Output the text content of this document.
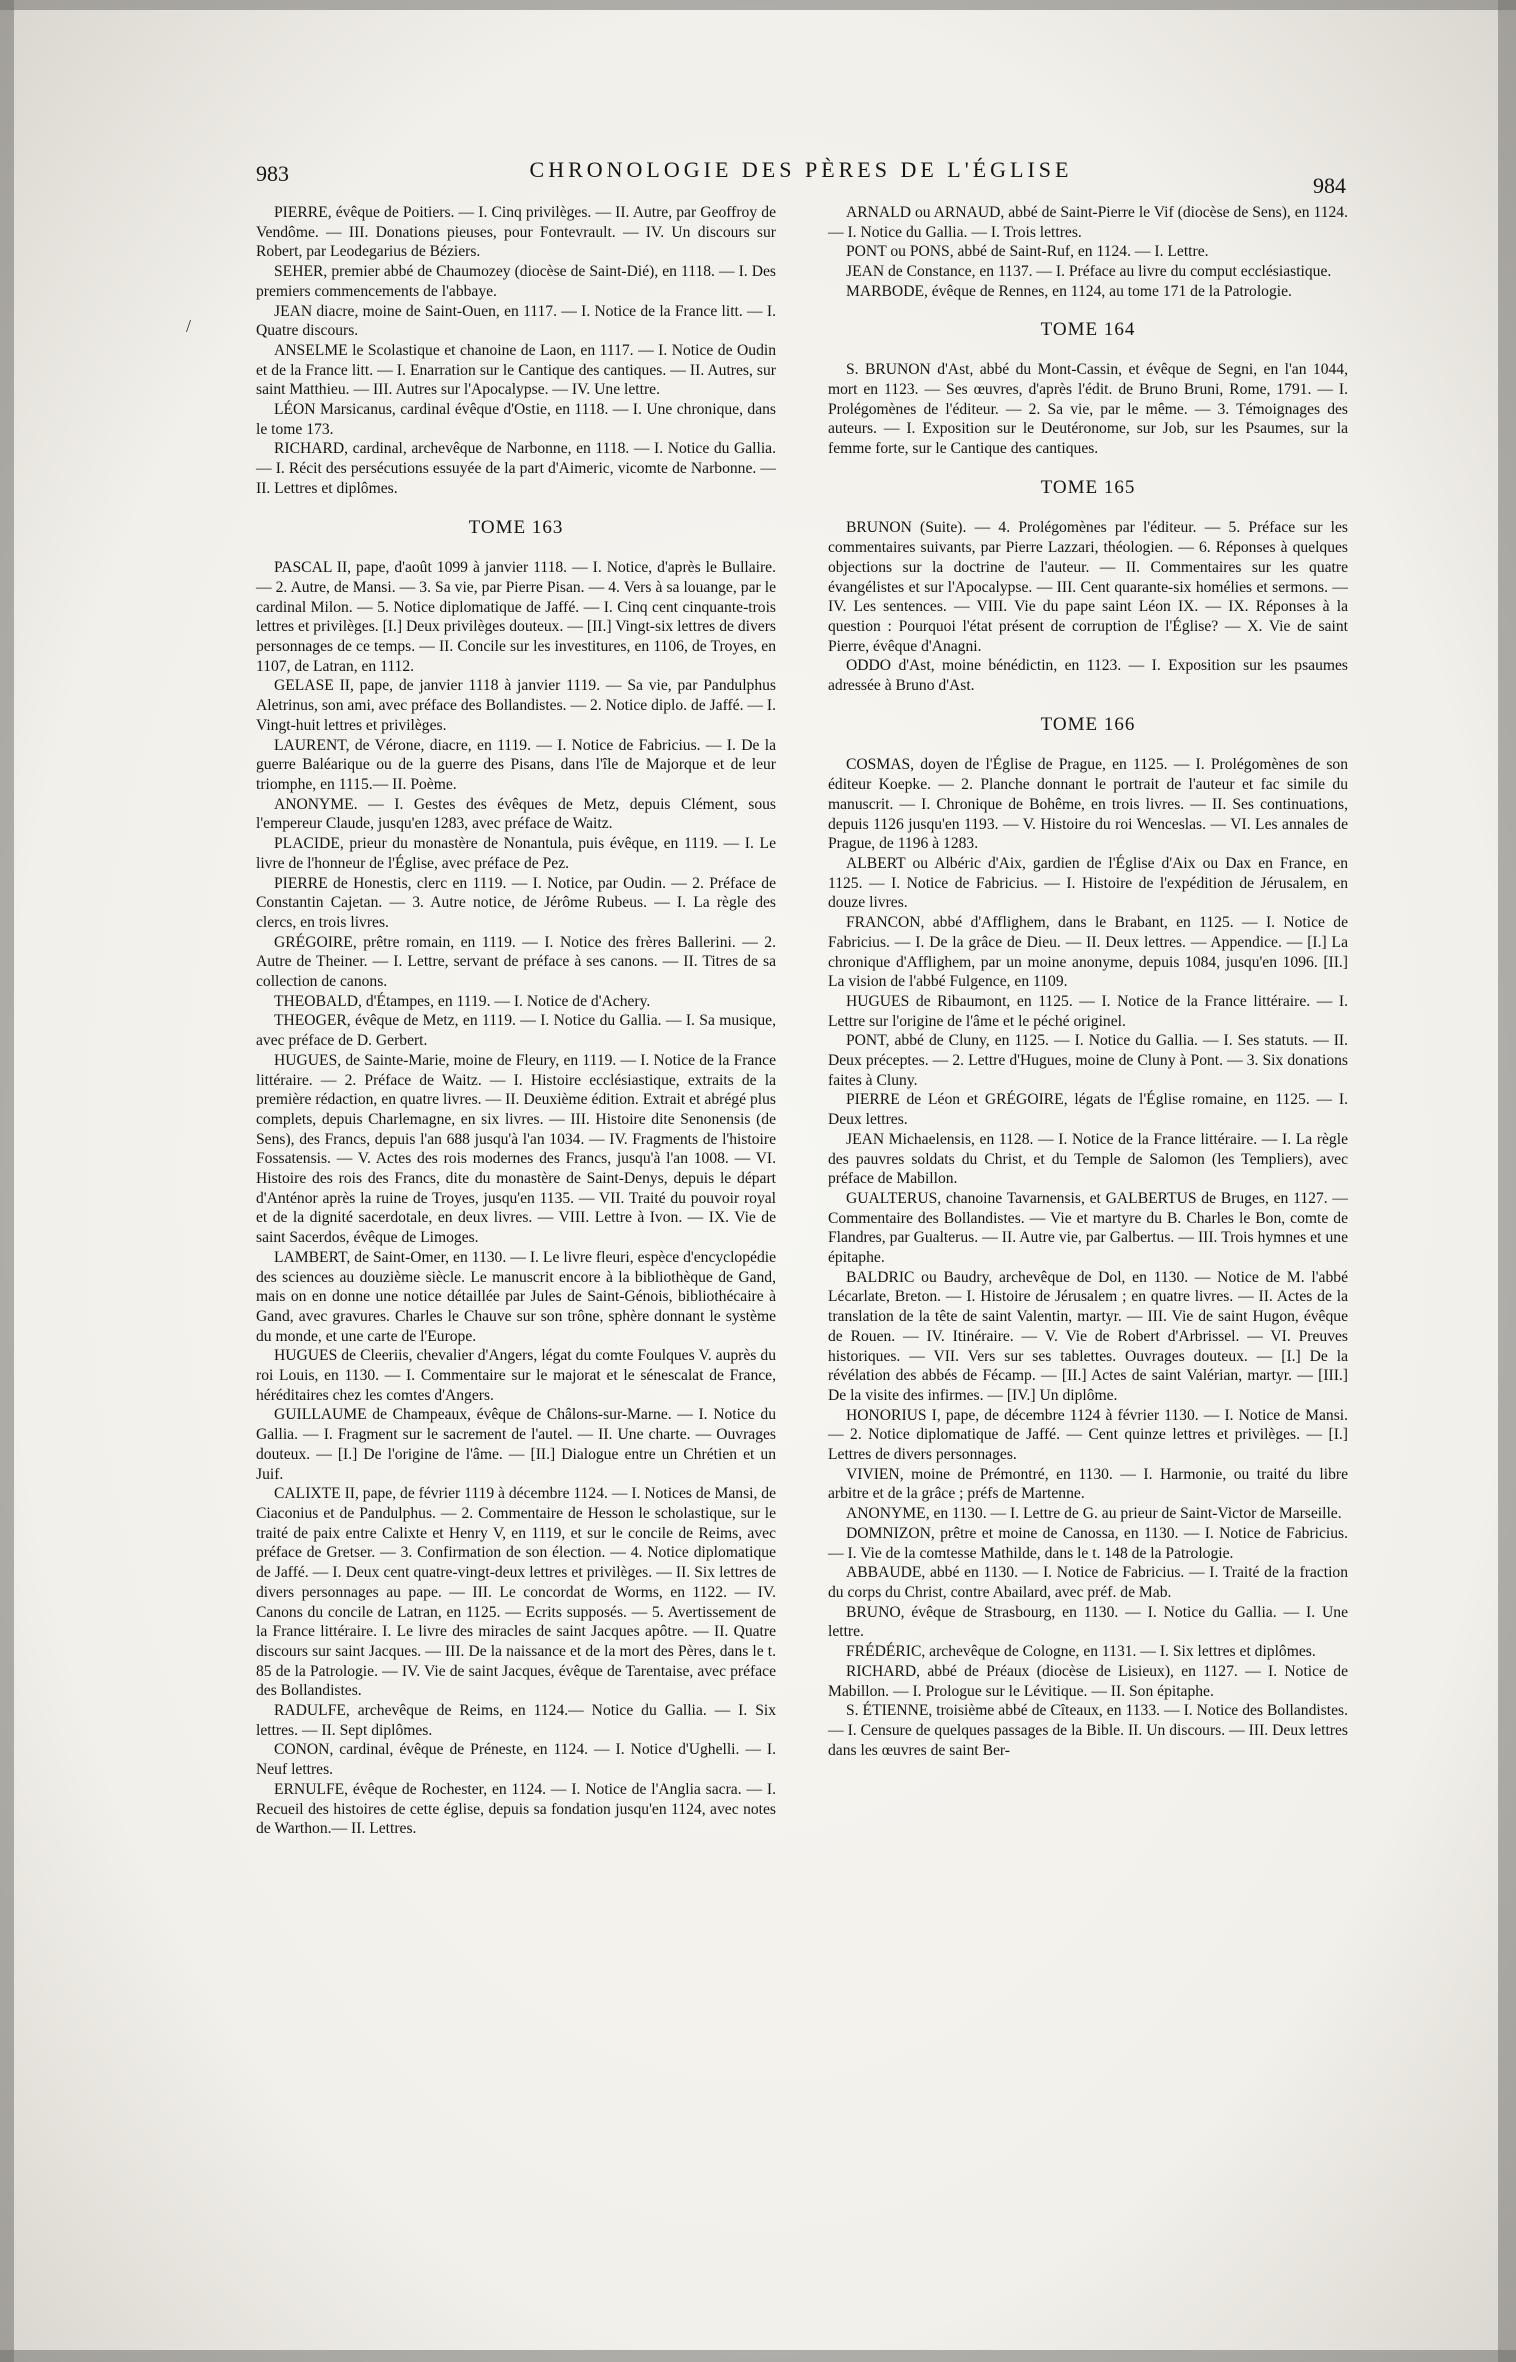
983	CHRONOLOGIE DES PÈRES DE L'ÉGLISE
984
/

PIERRE, évêque de Poitiers. — I. Cinq privilèges. — II. Autre, par Geoffroy de Vendôme. — III. Donations pieuses, pour Fontevrault. — IV. Un discours sur Robert, par Leodegarius de Béziers.

SEHER, premier abbé de Chaumozey (diocèse de Saint-Dié), en 1118. — I. Des premiers commencements de l'abbaye.

JEAN diacre, moine de Saint-Ouen, en 1117. — I. Notice de la France litt. — I. Quatre discours.

ANSELME le Scolastique et chanoine de Laon, en 1117. — I. Notice de Oudin et de la France litt. — I. Enarration sur le Cantique des cantiques. — II. Autres, sur saint Matthieu. — III. Autres sur l'Apocalypse. — IV. Une lettre.

LÉON Marsicanus, cardinal évêque d'Ostie, en 1118. — I. Une chronique, dans le tome 173.

RICHARD, cardinal, archevêque de Narbonne, en 1118. — I. Notice du Gallia. — I. Récit des persécutions essuyée de la part d'Aimeric, vicomte de Narbonne. — II. Lettres et diplômes.

TOME 163

PASCAL II, pape, d'août 1099 à janvier 1118. — I. Notice, d'après le Bullaire. — 2. Autre, de Mansi. — 3. Sa vie, par Pierre Pisan. — 4. Vers à sa louange, par le cardinal Milon. — 5. Notice diplomatique de Jaffé. — I. Cinq cent cinquante-trois lettres et privilèges. [I.] Deux privilèges douteux. — [II.] Vingt-six lettres de divers personnages de ce temps. — II. Concile sur les investitures, en 1106, de Troyes, en 1107, de Latran, en 1112.

GELASE II, pape, de janvier 1118 à janvier 1119. — Sa vie, par Pandulphus Aletrinus, son ami, avec préface des Bollandistes. — 2. Notice diplo. de Jaffé. — I. Vingt-huit lettres et privilèges.

LAURENT, de Vérone, diacre, en 1119. — I. Notice de Fabricius. — I. De la guerre Baléarique ou de la guerre des Pisans, dans l'île de Majorque et de leur triomphe, en 1115.— II. Poème.

ANONYME. — I. Gestes des évêques de Metz, depuis Clément, sous l'empereur Claude, jusqu'en 1283, avec préface de Waitz.

PLACIDE, prieur du monastère de Nonantula, puis évêque, en 1119. — I. Le livre de l'honneur de l'Église, avec préface de Pez.

PIERRE de Honestis, clerc en 1119. — I. Notice, par Oudin. — 2. Préface de Constantin Cajetan. — 3. Autre notice, de Jérôme Rubeus. — I. La règle des clercs, en trois livres.

GRÉGOIRE, prêtre romain, en 1119. — I. Notice des frères Ballerini. — 2. Autre de Theiner. — I. Lettre, servant de préface à ses canons. — II. Titres de sa collection de canons.

THEOBALD, d'Étampes, en 1119. — I. Notice de d'Achery.

THEOGER, évêque de Metz, en 1119. — I. Notice du Gallia. — I. Sa musique, avec préface de D. Gerbert.

HUGUES, de Sainte-Marie, moine de Fleury, en 1119. — I. Notice de la France littéraire. — 2. Préface de Waitz. — I. Histoire ecclésiastique, extraits de la première rédaction, en quatre livres. — II. Deuxième édition. Extrait et abrégé plus complets, depuis Charlemagne, en six livres. — III. Histoire dite Senonensis (de Sens), des Francs, depuis l'an 688 jusqu'à l'an 1034. — IV. Fragments de l'histoire Fossatensis. — V. Actes des rois modernes des Francs, jusqu'à l'an 1008. — VI. Histoire des rois des Francs, dite du monastère de Saint-Denys, depuis le départ d'Anténor après la ruine de Troyes, jusqu'en 1135. — VII. Traité du pouvoir royal et de la dignité sacerdotale, en deux livres. — VIII. Lettre à Ivon. — IX. Vie de saint Sacerdos, évêque de Limoges.

LAMBERT, de Saint-Omer, en 1130. — I. Le livre fleuri, espèce d'encyclopédie des sciences au douzième siècle. Le manuscrit encore à la bibliothèque de Gand, mais on en donne une notice détaillée par Jules de Saint-Génois, bibliothécaire à Gand, avec gravures. Charles le Chauve sur son trône, sphère donnant le système du monde, et une carte de l'Europe.

HUGUES de Cleeriis, chevalier d'Angers, légat du comte Foulques V. auprès du roi Louis, en 1130. — I. Commentaire sur le majorat et le sénescalat de France, héréditaires chez les comtes d'Angers.

GUILLAUME de Champeaux, évêque de Châlons-sur-Marne. — I. Notice du Gallia. — I. Fragment sur le sacrement de l'autel. — II. Une charte. — Ouvrages douteux. — [I.] De l'origine de l'âme. — [II.] Dialogue entre un Chrétien et un Juif.

CALIXTE II, pape, de février 1119 à décembre 1124. — I. Notices de Mansi, de Ciaconius et de Pandulphus. — 2. Commentaire de Hesson le scholastique, sur le traité de paix entre Calixte et Henry V, en 1119, et sur le concile de Reims, avec préface de Gretser. — 3. Confirmation de son élection. — 4. Notice diplomatique de Jaffé. — I. Deux cent quatre-vingt-deux lettres et privilèges. — II. Six lettres de divers personnages au pape. — III. Le concordat de Worms, en 1122. — IV. Canons du concile de Latran, en 1125. — Ecrits supposés. — 5. Avertissement de la France littéraire. I. Le livre des miracles de saint Jacques apôtre. — II. Quatre discours sur saint Jacques. — III. De la naissance et de la mort des Pères, dans le t. 85 de la Patrologie. — IV. Vie de saint Jacques, évêque de Tarentaise, avec préface des Bollandistes.

RADULFE, archevêque de Reims, en 1124.— Notice du Gallia. — I. Six lettres. — II. Sept diplômes.

CONON, cardinal, évêque de Préneste, en 1124. — I. Notice d'Ughelli. — I. Neuf lettres.

ERNULFE, évêque de Rochester, en 1124. — I. Notice de l'Anglia sacra. — I. Recueil des histoires de cette église, depuis sa fondation jusqu'en 1124, avec notes de Warthon.— II. Lettres.

ARNALD ou ARNAUD, abbé de Saint-Pierre le Vif (diocèse de Sens), en 1124. — I. Notice du Gallia. — I. Trois lettres.

PONT ou PONS, abbé de Saint-Ruf, en 1124. — I. Lettre.

JEAN de Constance, en 1137. — I. Préface au livre du comput ecclésiastique.

MARBODE, évêque de Rennes, en 1124, au tome 171 de la Patrologie.

TOME 164

S. BRUNON d'Ast, abbé du Mont-Cassin, et évêque de Segni, en l'an 1044, mort en 1123. — Ses œuvres, d'après l'édit. de Bruno Bruni, Rome, 1791. — I. Prolégomènes de l'éditeur. — 2. Sa vie, par le même. — 3. Témoignages des auteurs. — I. Exposition sur le Deutéronome, sur Job, sur les Psaumes, sur la femme forte, sur le Cantique des cantiques.

TOME 165

BRUNON (Suite). — 4. Prolégomènes par l'éditeur. — 5. Préface sur les commentaires suivants, par Pierre Lazzari, théologien. — 6. Réponses à quelques objections sur la doctrine de l'auteur. — II. Commentaires sur les quatre évangélistes et sur l'Apocalypse. — III. Cent quarante-six homélies et sermons. — IV. Les sentences. — VIII. Vie du pape saint Léon IX. — IX. Réponses à la question : Pourquoi l'état présent de corruption de l'Église? — X. Vie de saint Pierre, évêque d'Anagni.

ODDO d'Ast, moine bénédictin, en 1123. — I. Exposition sur les psaumes adressée à Bruno d'Ast.

TOME 166

COSMAS, doyen de l'Église de Prague, en 1125. — I. Prolégomènes de son éditeur Koepke. — 2. Planche donnant le portrait de l'auteur et fac simile du manuscrit. — I. Chronique de Bohême, en trois livres. — II. Ses continuations, depuis 1126 jusqu'en 1193. — V. Histoire du roi Wenceslas. — VI. Les annales de Prague, de 1196 à 1283.

ALBERT ou Albéric d'Aix, gardien de l'Église d'Aix ou Dax en France, en 1125. — I. Notice de Fabricius. — I. Histoire de l'expédition de Jérusalem, en douze livres.

FRANCON, abbé d'Afflighem, dans le Brabant, en 1125. — I. Notice de Fabricius. — I. De la grâce de Dieu. — II. Deux lettres. — Appendice. — [I.] La chronique d'Afflighem, par un moine anonyme, depuis 1084, jusqu'en 1096. [II.] La vision de l'abbé Fulgence, en 1109.

HUGUES de Ribaumont, en 1125. — I. Notice de la France littéraire. — I. Lettre sur l'origine de l'âme et le péché originel.

PONT, abbé de Cluny, en 1125. — I. Notice du Gallia. — I. Ses statuts. — II. Deux préceptes. — 2. Lettre d'Hugues, moine de Cluny à Pont. — 3. Six donations faites à Cluny.

PIERRE de Léon et GRÉGOIRE, légats de l'Église romaine, en 1125. — I. Deux lettres.

JEAN Michaelensis, en 1128. — I. Notice de la France littéraire. — I. La règle des pauvres soldats du Christ, et du Temple de Salomon (les Templiers), avec préface de Mabillon.

GUALTERUS, chanoine Tavarnensis, et GALBERTUS de Bruges, en 1127. — Commentaire des Bollandistes. — Vie et martyre du B. Charles le Bon, comte de Flandres, par Gualterus. — II. Autre vie, par Galbertus. — III. Trois hymnes et une épitaphe.

BALDRIC ou Baudry, archevêque de Dol, en 1130. — Notice de M. l'abbé Lécarlate, Breton. — I. Histoire de Jérusalem ; en quatre livres. — II. Actes de la translation de la tête de saint Valentin, martyr. — III. Vie de saint Hugon, évêque de Rouen. — IV. Itinéraire. — V. Vie de Robert d'Arbrissel. — VI. Preuves historiques. — VII. Vers sur ses tablettes. Ouvrages douteux. — [I.] De la révélation des abbés de Fécamp. — [II.] Actes de saint Valérian, martyr. — [III.] De la visite des infirmes. — [IV.] Un diplôme.

HONORIUS I, pape, de décembre 1124 à février 1130. — I. Notice de Mansi. — 2. Notice diplomatique de Jaffé. — Cent quinze lettres et privilèges. — [I.] Lettres de divers personnages.

VIVIEN, moine de Prémontré, en 1130. — I. Harmonie, ou traité du libre arbitre et de la grâce ; préfs de Martenne.

ANONYME, en 1130. — I. Lettre de G. au prieur de Saint-Victor de Marseille.

DOMNIZON, prêtre et moine de Canossa, en 1130. — I. Notice de Fabricius. — I. Vie de la comtesse Mathilde, dans le t. 148 de la Patrologie.

ABBAUDE, abbé en 1130. — I. Notice de Fabricius. — I. Traité de la fraction du corps du Christ, contre Abailard, avec préf. de Mab.

BRUNO, évêque de Strasbourg, en 1130. — I. Notice du Gallia. — I. Une lettre.

FRÉDÉRIC, archevêque de Cologne, en 1131. — I. Six lettres et diplômes.

RICHARD, abbé de Préaux (diocèse de Lisieux), en 1127. — I. Notice de Mabillon. — I. Prologue sur le Lévitique. — II. Son épitaphe.

S. ÉTIENNE, troisième abbé de Cîteaux, en 1133. — I. Notice des Bollandistes. — I. Censure de quelques passages de la Bible. II. Un discours. — III. Deux lettres dans les œuvres de saint Ber-
